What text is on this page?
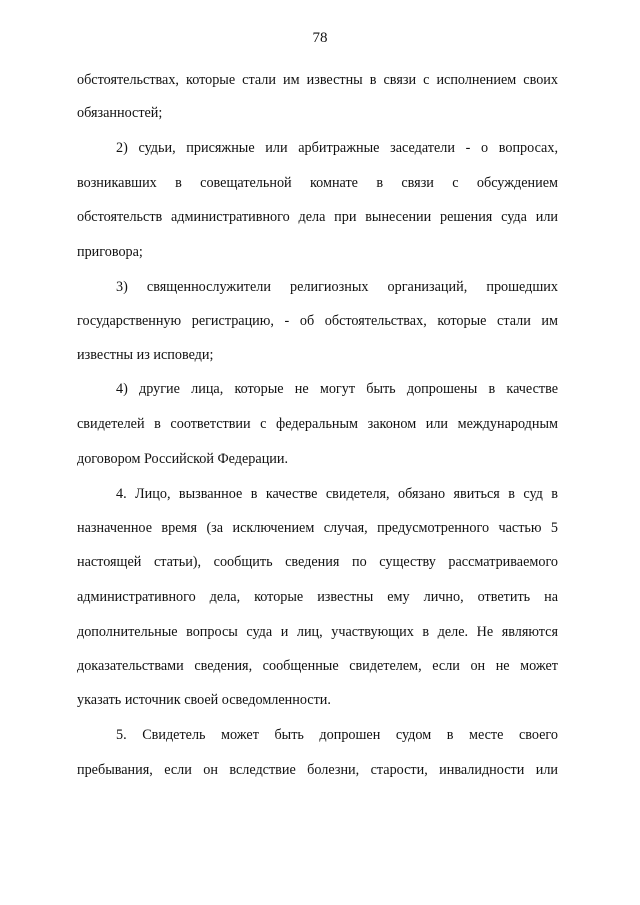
78
обстоятельствах, которые стали им известны в связи с исполнением своих
обязанностей;
2) судьи, присяжные или арбитражные заседатели - о вопросах,
возникавших в совещательной комнате в связи с обсуждением
обстоятельств административного дела при вынесении решения суда или
приговора;
3) священнослужители религиозных организаций, прошедших
государственную регистрацию, - об обстоятельствах, которые стали им
известны из исповеди;
4) другие лица, которые не могут быть допрошены в качестве
свидетелей в соответствии с федеральным законом или международным
договором Российской Федерации.
4. Лицо, вызванное в качестве свидетеля, обязано явиться в суд в
назначенное время (за исключением случая, предусмотренного частью 5
настоящей статьи), сообщить сведения по существу рассматриваемого
административного дела, которые известны ему лично, ответить на
дополнительные вопросы суда и лиц, участвующих в деле. Не являются
доказательствами сведения, сообщенные свидетелем, если он не может
указать источник своей осведомленности.
5. Свидетель может быть допрошен судом в месте своего
пребывания, если он вследствие болезни, старости, инвалидности или
